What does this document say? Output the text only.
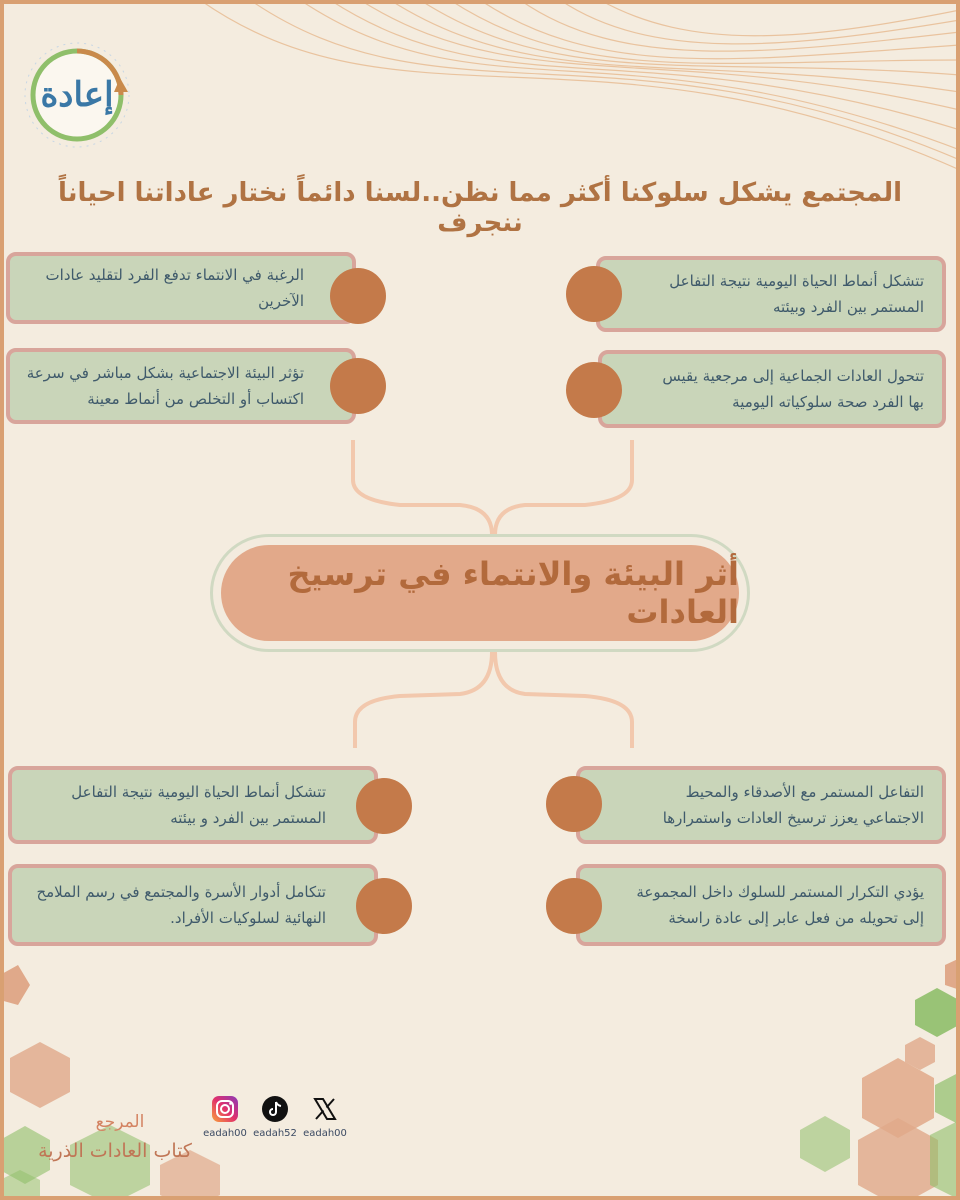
إعادة
المجتمع يشكل سلوكنا أكثر مما نظن..لسنا دائماً نختار عاداتنا احياناً ننجرف
الرغبة في الانتماء تدفع الفرد لتقليد عادات الآخرين
تؤثر البيئة الاجتماعية بشكل مباشر في سرعة اكتساب أو التخلص من أنماط معينة
تتشكل أنماط الحياة اليومية نتيجة التفاعل المستمر بين الفرد وبيئته
تتحول العادات الجماعية إلى مرجعية يقيس بها الفرد صحة سلوكياته اليومية
أثر البيئة والانتماء في ترسيخ العادات
تتشكل أنماط الحياة اليومية نتيجة التفاعل المستمر بين الفرد و بيئته
تتكامل أدوار الأسرة والمجتمع في رسم الملامح النهائية لسلوكيات الأفراد.
التفاعل المستمر مع الأصدقاء والمحيط الاجتماعي يعزز ترسيخ العادات واستمرارها
يؤدي التكرار المستمر للسلوك داخل المجموعة إلى تحويله من فعل عابر إلى عادة راسخة
eadah00 eadah52 eadah00
المرجع
كتاب العادات الذرية
